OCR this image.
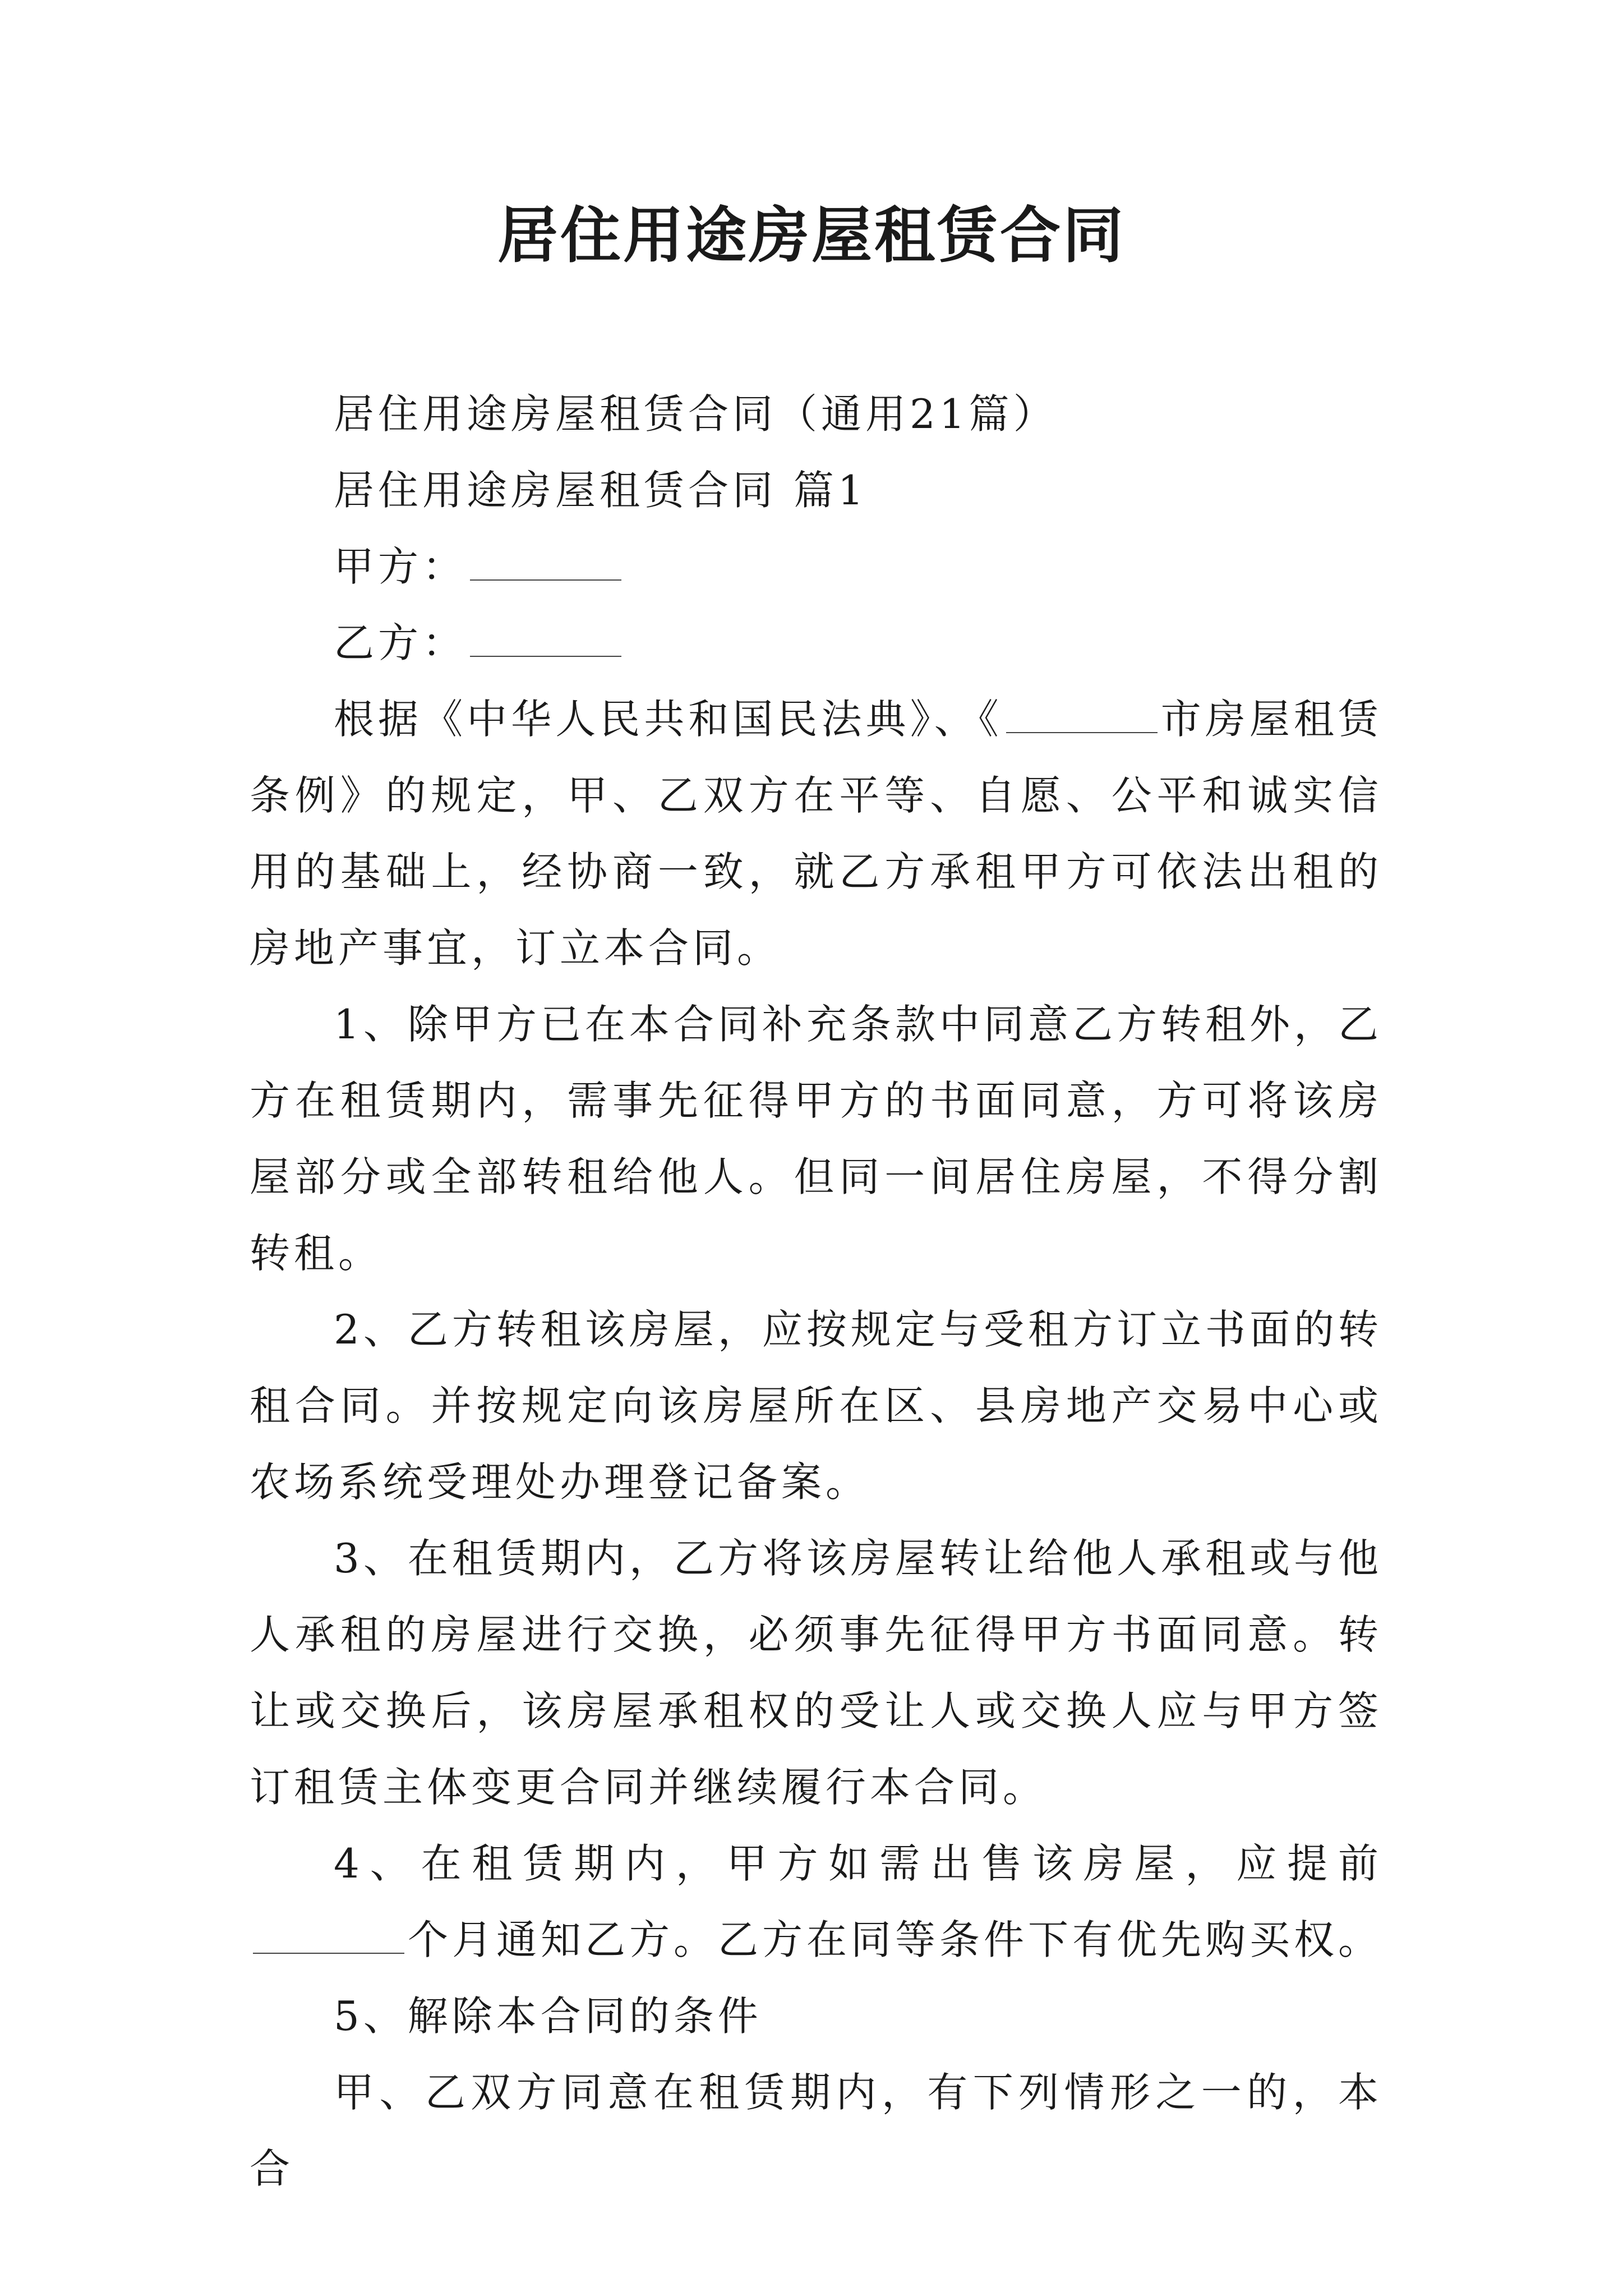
居住用途房屋租赁合同

居住用途房屋租赁合同（通用21篇）

居住用途房屋租赁合同 篇1

甲方：

乙方：

根据《中华人民共和国民法典》、《	市房屋租赁条例》的规定，甲、乙双方在平等、自愿、公平和诚实信用的基础上，经协商一致，就乙方承租甲方可依法出租的房地产事宜，订立本合同。

1、除甲方已在本合同补充条款中同意乙方转租外，乙方在租赁期内，需事先征得甲方的书面同意，方可将该房屋部分或全部转租给他人。但同一间居住房屋，不得分割转租。

2、乙方转租该房屋，应按规定与受租方订立书面的转租合同。并按规定向该房屋所在区、县房地产交易中心或农场系统受理处办理登记备案。

3、在租赁期内，乙方将该房屋转让给他人承租或与他人承租的房屋进行交换，必须事先征得甲方书面同意。转让或交换后，该房屋承租权的受让人或交换人应与甲方签订租赁主体变更合同并继续履行本合同。

4、在租赁期内，甲方如需出售该房屋，应提前个月通知乙方。乙方在同等条件下有优先购买权。

5、解除本合同的条件

甲、乙双方同意在租赁期内，有下列情形之一的，本合
